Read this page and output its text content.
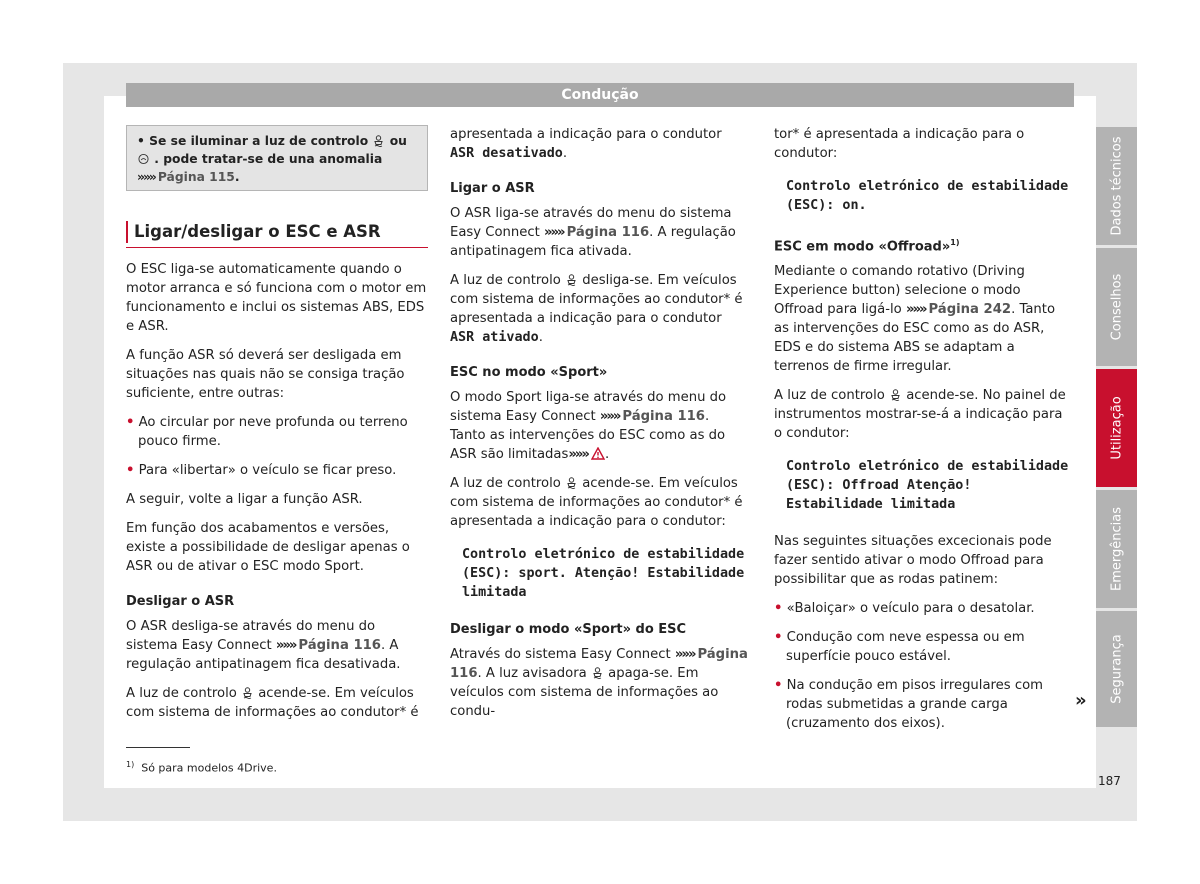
Condução
• Se se iluminar a luz de controlo ou  . pode tratar-se de una anomalia »»» Página 115.
Ligar/desligar o ESC e ASR

O ESC liga-se automaticamente quando o motor arranca e só funciona com o motor em funcionamento e inclui os sistemas ABS, EDS e ASR.

A função ASR só deverá ser desligada em situações nas quais não se consiga tração suficiente, entre outras:

• Ao circular por neve profunda ou terreno pouco firme.

• Para «libertar» o veículo se ficar preso.

A seguir, volte a ligar a função ASR.

Em função dos acabamentos e versões, existe a possibilidade de desligar apenas o ASR ou de ativar o ESC modo Sport.

Desligar o ASR

O ASR desliga-se através do menu do sistema Easy Connect »»» Página 116. A regulação antipatinagem fica desativada.

A luz de controlo acende-se. Em veículos com sistema de informações ao condutor* é

apresentada a indicação para o condutor ASR desativado.

Ligar o ASR

O ASR liga-se através do menu do sistema Easy Connect »»» Página 116. A regulação antipatinagem fica ativada.

A luz de controlo desliga-se. Em veículos com sistema de informações ao condutor* é apresentada a indicação para o condutor ASR ativado.

ESC no modo «Sport»

O modo Sport liga-se através do menu do sistema Easy Connect »»» Página 116. Tanto as intervenções do ESC como as do ASR são limitadas»»» .

A luz de controlo acende-se. Em veículos com sistema de informações ao condutor* é apresentada a indicação para o condutor:

Controlo eletrónico de estabilidade (ESC): sport. Atenção! Estabilidade limitada
Desligar o modo «Sport» do ESC

Através do sistema Easy Connect »»» Página 116. A luz avisadora apaga-se. Em veículos com sistema de informações ao condu-

tor* é apresentada a indicação para o condutor:

Controlo eletrónico de estabilidade (ESC): on.
ESC em modo «Offroad»$^{1)}$

Mediante o comando rotativo (Driving Experience button) selecione o modo Offroad para ligá-lo »»» Página 242. Tanto as intervenções do ESC como as do ASR, EDS e do sistema ABS se adaptam a terrenos de firme irregular.

A luz de controlo acende-se. No painel de instrumentos mostrar-se-á a indicação para o condutor:

Controlo eletrónico de estabilidade (ESC): Offroad Atenção! Estabilidade limitada

Nas seguintes situações excecionais pode fazer sentido ativar o modo Offroad para possibilitar que as rodas patinem:

• «Baloiçar» o veículo para o desatolar.

• Condução com neve espessa ou em superfície pouco estável.

• Na condução em pisos irregulares com rodas submetidas a grande carga (cruzamento dos eixos).

»
$^{1)}$ Só para modelos 4Drive.
187
Dados técnicos
Conselhos
Utilização
Emergências
Segurança
